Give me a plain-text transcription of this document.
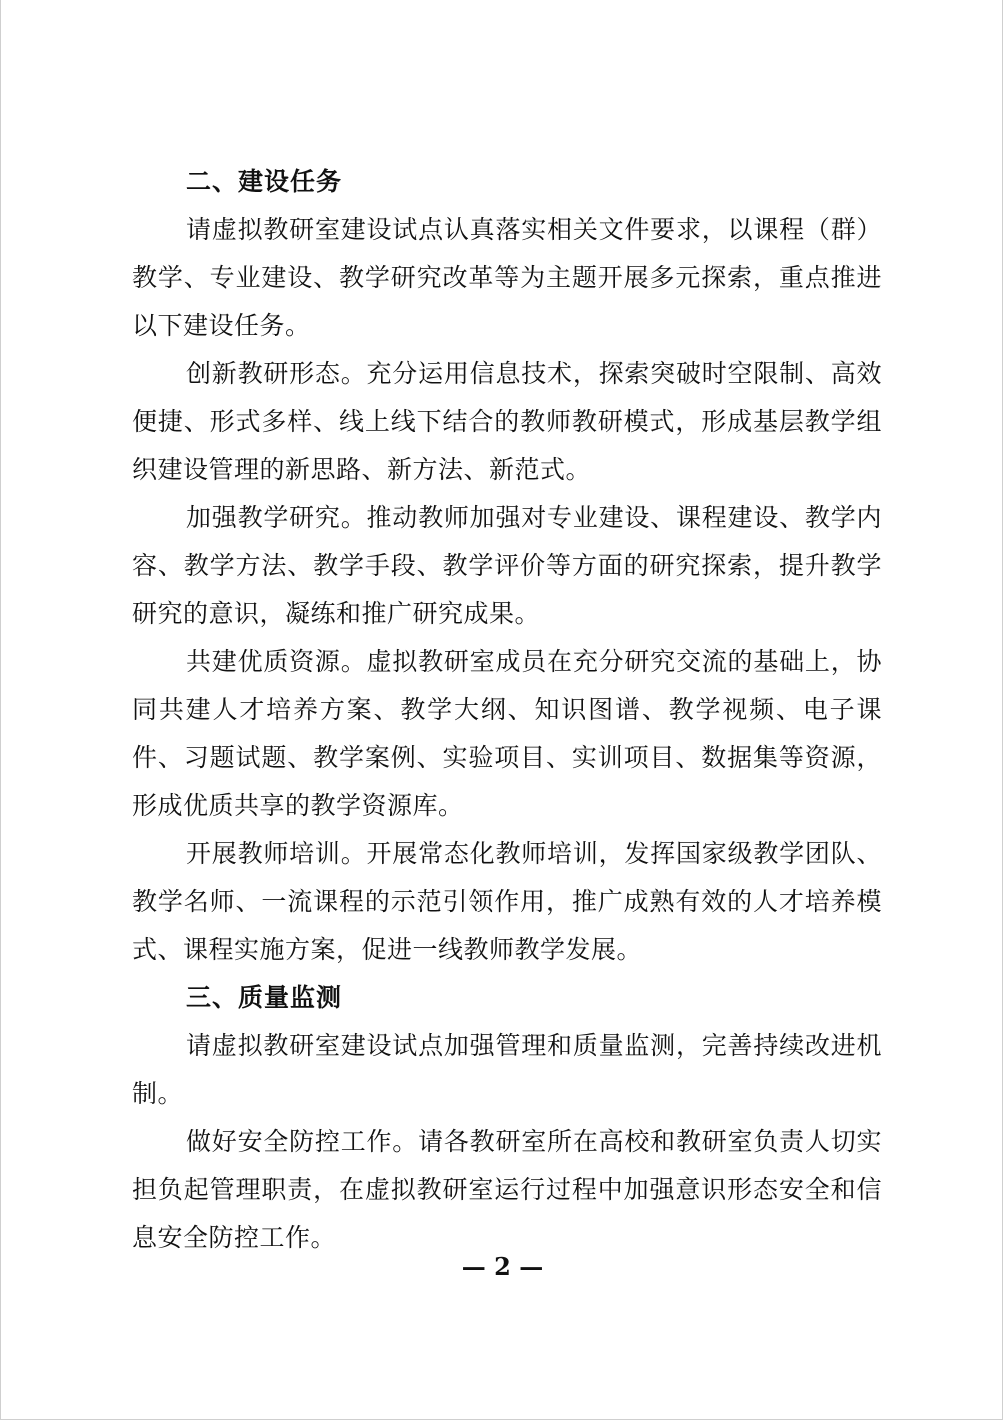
二、建设任务

请虚拟教研室建设试点认真落实相关文件要求，以课程（群）教学、专业建设、教学研究改革等为主题开展多元探索，重点推进以下建设任务。

创新教研形态。充分运用信息技术，探索突破时空限制、高效便捷、形式多样、线上线下结合的教师教研模式，形成基层教学组织建设管理的新思路、新方法、新范式。

加强教学研究。推动教师加强对专业建设、课程建设、教学内容、教学方法、教学手段、教学评价等方面的研究探索，提升教学研究的意识，凝练和推广研究成果。

共建优质资源。虚拟教研室成员在充分研究交流的基础上，协同共建人才培养方案、教学大纲、知识图谱、教学视频、电子课件、习题试题、教学案例、实验项目、实训项目、数据集等资源，形成优质共享的教学资源库。

开展教师培训。开展常态化教师培训，发挥国家级教学团队、教学名师、一流课程的示范引领作用，推广成熟有效的人才培养模式、课程实施方案，促进一线教师教学发展。

三、质量监测

请虚拟教研室建设试点加强管理和质量监测，完善持续改进机制。

做好安全防控工作。请各教研室所在高校和教研室负责人切实担负起管理职责，在虚拟教研室运行过程中加强意识形态安全和信息安全防控工作。

— 2 —
